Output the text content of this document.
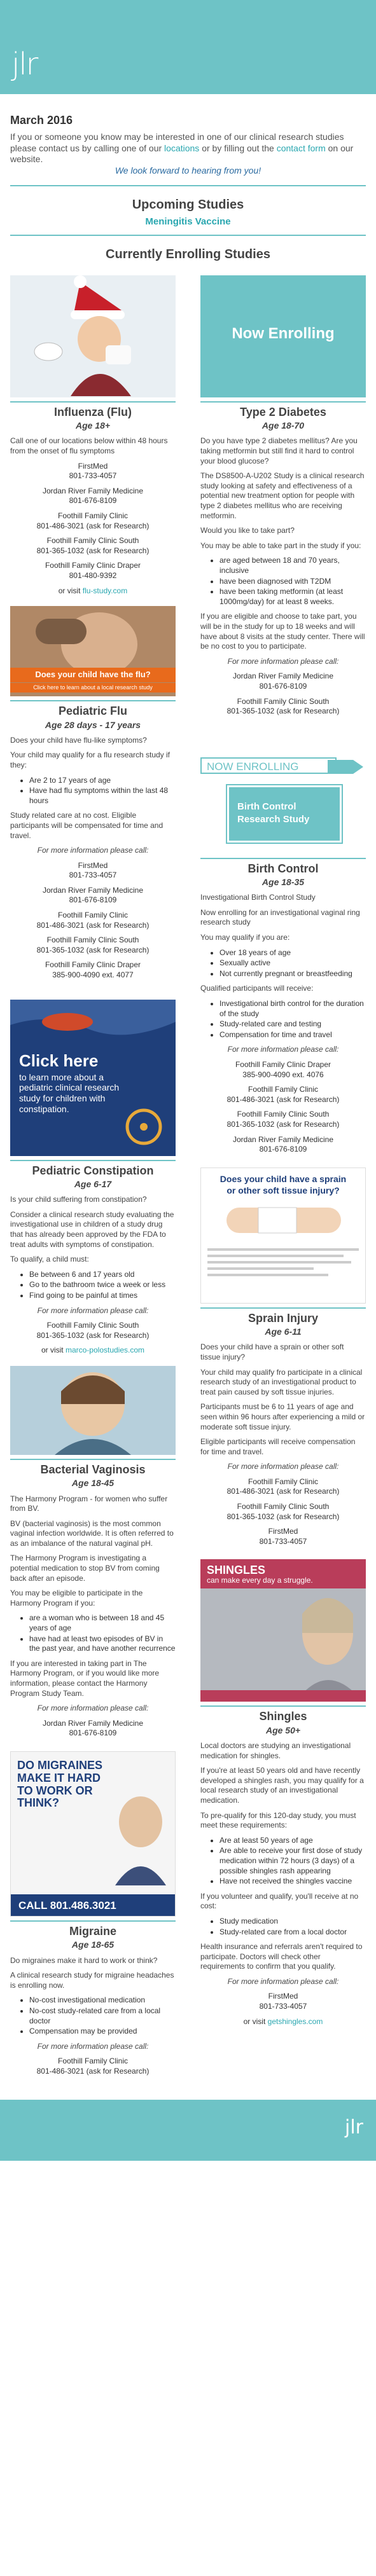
jlr
March 2016

If you or someone you know may be interested in one of our clinical research studies please contact us by calling one of our locations or by filling out the contact form on our website.

We look forward to hearing from you!

Upcoming Studies
Meningitis Vaccine
Currently Enrolling Studies
Influenza (Flu)
Age 18+
Call one of our locations below within 48 hours from the onset of flu symptoms
FirstMed
801-733-4057
Jordan River Family Medicine
801-676-8109
Foothill Family Clinic
801-486-3021 (ask for Research)
Foothill Family Clinic South
801-365-1032 (ask for Research)
Foothill Family Clinic Draper
801-480-9392
or visit flu-study.com
Does your child have the flu?
Click here to learn about a local research study
Pediatric Flu
Age 28 days - 17 years
Does your child have flu-like symptoms?
Your child may qualify for a flu research study if they:
• Are 2 to 17 years of age
• Have had flu symptoms within the last 48 hours
Study related care at no cost. Eligible participants will be compensated for time and travel.
For more information please call:
FirstMed
801-733-4057
Jordan River Family Medicine
801-676-8109
Foothill Family Clinic
801-486-3021 (ask for Research)
Foothill Family Clinic South
801-365-1032 (ask for Research)
Foothill Family Clinic Draper
385-900-4090 ext. 4077
Click here
to learn more about a pediatric clinical research study for children with constipation.
Pediatric Constipation
Age 6-17
Is your child suffering from constipation?
Consider a clinical research study evaluating the investigational use in children of a study drug that has already been approved by the FDA to treat adults with symptoms of constipation.
To qualify, a child must:
• Be between 6 and 17 years old
• Go to the bathroom twice a week or less
• Find going to be painful at times
For more information please call:
Foothill Family Clinic South
801-365-1032 (ask for Research)
or visit marco-polostudies.com
Bacterial Vaginosis
Age 18-45
The Harmony Program - for women who suffer from BV.
BV (bacterial vaginosis) is the most common vaginal infection worldwide. It is often referred to as an imbalance of the natural vaginal pH.
The Harmony Program is investigating a potential medication to stop BV from coming back after an episode.
You may be eligible to participate in the Harmony Program if you:
• are a woman who is between 18 and 45 years of age
• have had at least two episodes of BV in the past year, and have another recurrence
If you are interested in taking part in The Harmony Program, or if you would like more information, please contact the Harmony Program Study Team.
For more information please call:
Jordan River Family Medicine
801-676-8109
DO MIGRAINES MAKE IT HARD TO WORK OR THINK?
CALL 801.486.3021
Migraine
Age 18-65
Do migraines make it hard to work or think?
A clinical research study for migraine headaches is enrolling now.
• No-cost investigational medication
• No-cost study-related care from a local doctor
• Compensation may be provided
For more information please call:
Foothill Family Clinic
801-486-3021 (ask for Research)
Now Enrolling
Type 2 Diabetes
Age 18-70
Do you have type 2 diabetes mellitus? Are you taking metformin but still find it hard to control your blood glucose?
The DS8500-A-U202 Study is a clinical research study looking at safety and effectiveness of a potential new treatment option for people with type 2 diabetes mellitus who are receiving metformin.
Would you like to take part?
You may be able to take part in the study if you:
• are aged between 18 and 70 years, inclusive
• have been diagnosed with T2DM
• have been taking metformin (at least 1000mg/day) for at least 8 weeks.
If you are eligible and choose to take part, you will be in the study for up to 18 weeks and will have about 8 visits at the study center. There will be no cost to you to participate.
For more information please call:
Jordan River Family Medicine
801-676-8109
Foothill Family Clinic South
801-365-1032 (ask for Research)
NOW ENROLLING
Birth Control
Research Study
Birth Control
Age 18-35
Investigational Birth Control Study
Now enrolling for an investigational vaginal ring research study
You may qualify if you are:
• Over 18 years of age
• Sexually active
• Not currently pregnant or breastfeeding
Qualified participants will receive:
• Investigational birth control for the duration of the study
• Study-related care and testing
• Compensation for time and travel
For more information please call:
Foothill Family Clinic Draper
385-900-4090 ext. 4076
Foothill Family Clinic
801-486-3021 (ask for Research)
Foothill Family Clinic South
801-365-1032 (ask for Research)
Jordan River Family Medicine
801-676-8109
Does your child have a sprain
or other soft tissue injury?
Sprain Injury
Age 6-11
Does your child have a sprain or other soft tissue injury?
Your child may qualify fro participate in a clinical research study of an investigational product to treat pain caused by soft tissue injuries.
Participants must be 6 to 11 years of age and seen within 96 hours after experiencing a mild or moderate soft tissue injury.
Eligible participants will receive compensation for time and travel.
For more information please call:
Foothill Family Clinic
801-486-3021 (ask for Research)
Foothill Family Clinic South
801-365-1032 (ask for Research)
FirstMed
801-733-4057
SHINGLES
can make every day a struggle.
Shingles
Age 50+
Local doctors are studying an investigational medication for shingles.
If you're at least 50 years old and have recently developed a shingles rash, you may qualify for a local research study of an investigational medication.
To pre-qualify for this 120-day study, you must meet these requirements:
• Are at least 50 years of age
• Are able to receive your first dose of study medication within 72 hours (3 days) of a possible shingles rash appearing
• Have not received the shingles vaccine
If you volunteer and qualify, you'll receive at no cost:
• Study medication
• Study-related care from a local doctor
Health insurance and referrals aren't required to participate. Doctors will check other requirements to confirm that you qualify.
For more information please call:
FirstMed
801-733-4057
or visit getshingles.com
jlr
